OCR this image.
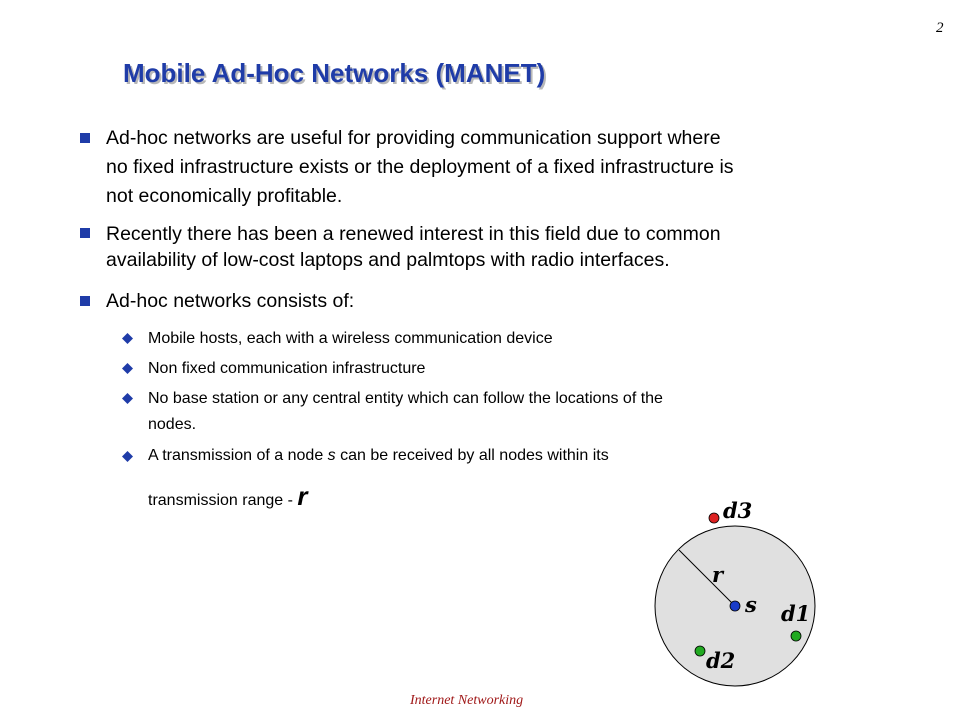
2
Mobile Ad-Hoc Networks (MANET)
Ad-hoc networks are useful for providing communication support where
no fixed infrastructure exists or the deployment of a fixed infrastructure is
not economically profitable.
Recently there has been a renewed interest in this field due to common
availability of low-cost laptops and palmtops with radio interfaces.
Ad-hoc networks consists of:
Mobile hosts, each with a wireless communication device
Non fixed communication infrastructure
No base station or any central entity which can follow the locations of the
nodes.
A transmission of a node s can be received by all nodes within its
transmission range - r
r
s d1
d2
d3
Internet Networking
